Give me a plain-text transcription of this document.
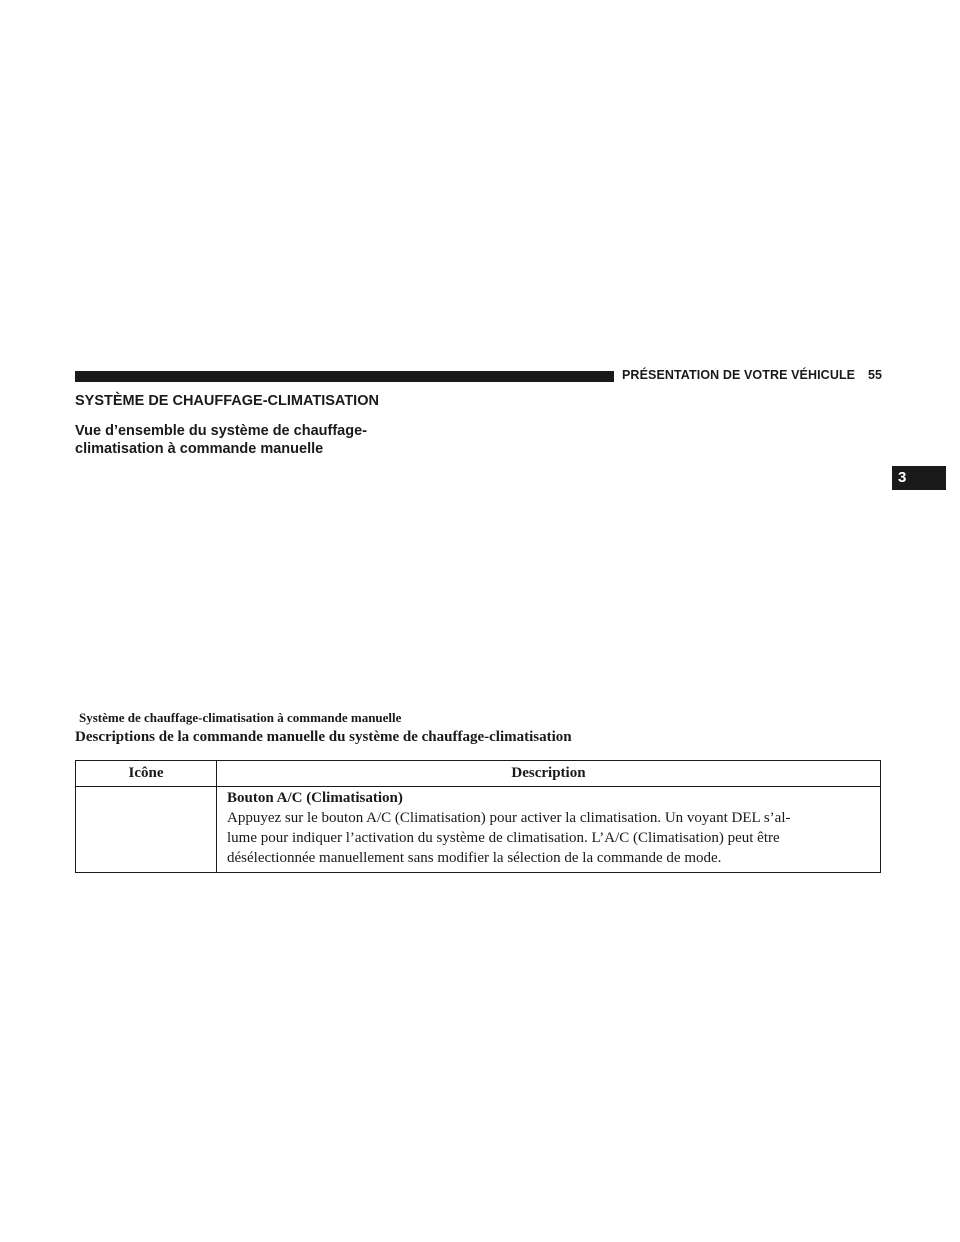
PRÉSENTATION DE VOTRE VÉHICULE 55
3
SYSTÈME DE CHAUFFAGE-CLIMATISATION
Vue d’ensemble du système de chauffage-
climatisation à commande manuelle
Système de chauffage-climatisation à commande manuelle
Descriptions de la commande manuelle du système de chauffage-climatisation
Icône	Description

	Bouton A/C (Climatisation)
Appuyez sur le bouton A/C (Climatisation) pour activer la climatisation. Un voyant DEL s’al-
lume pour indiquer l’activation du système de climatisation. L’A/C (Climatisation) peut être
désélectionnée manuellement sans modifier la sélection de la commande de mode.
